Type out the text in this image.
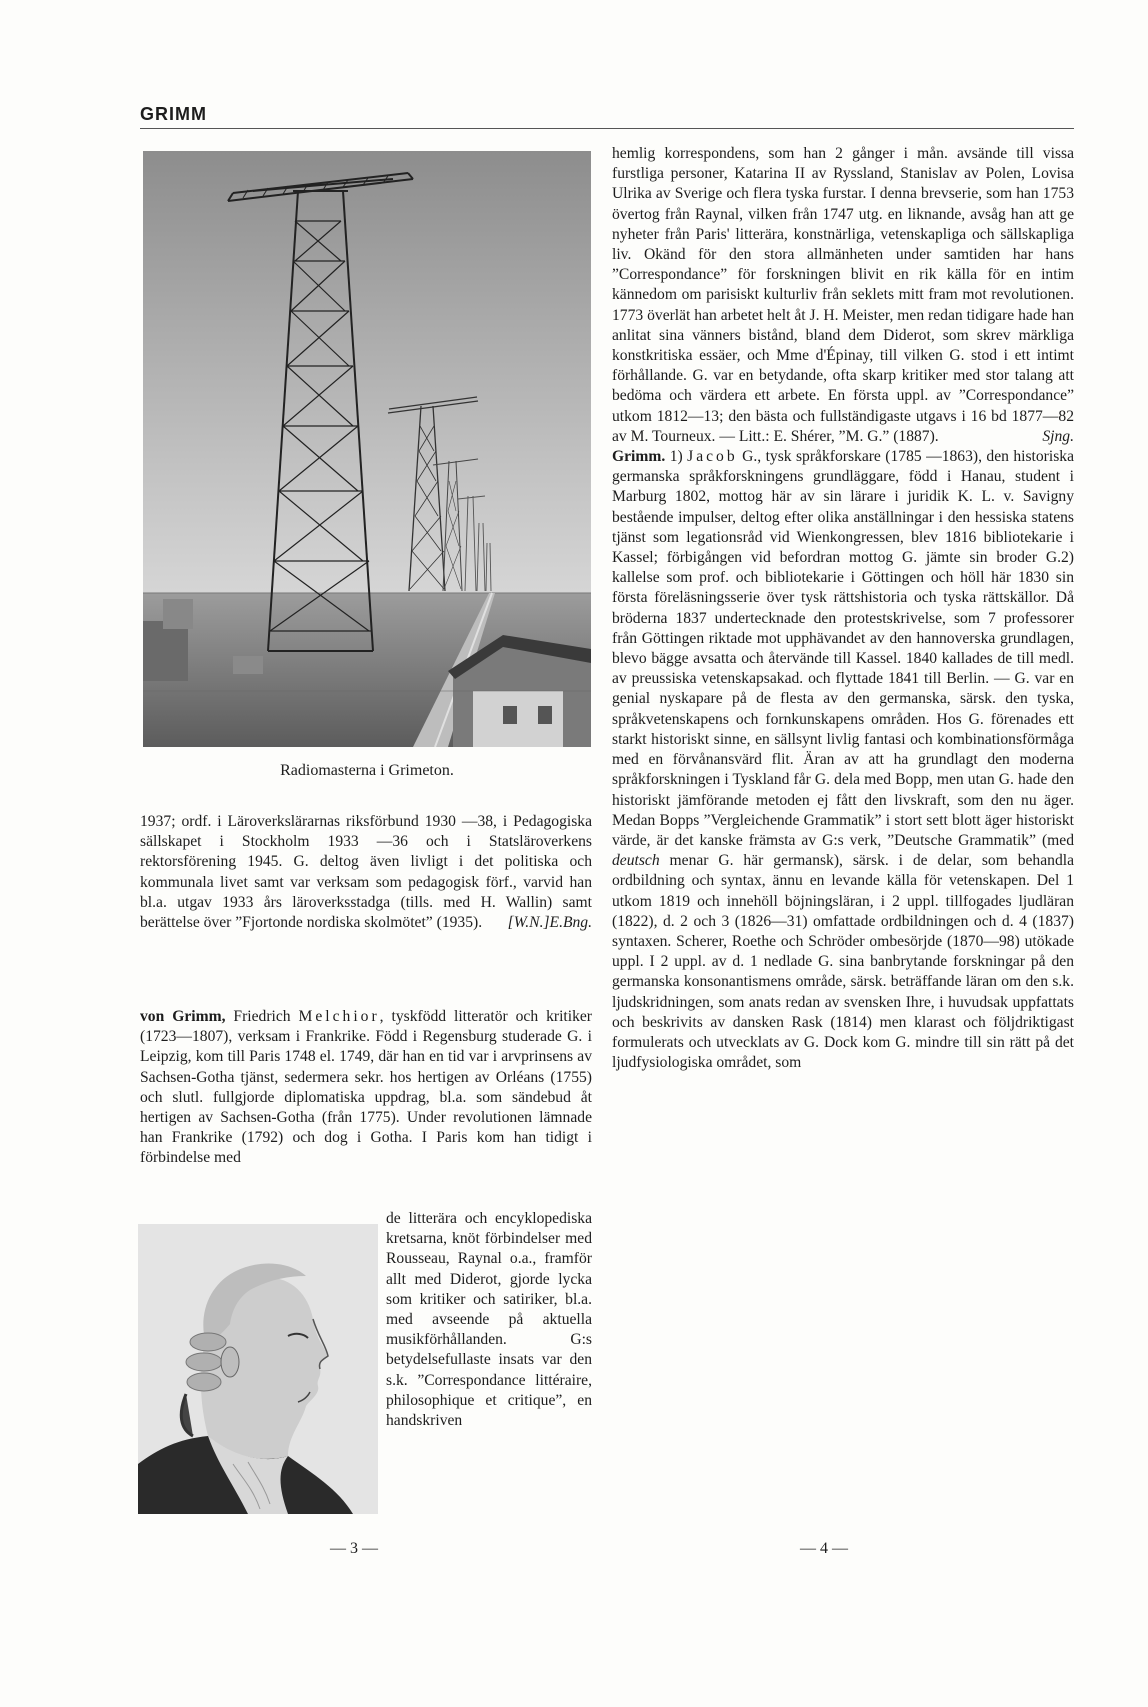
GRIMM
Radiomasterna i Grimeton.

1937; ordf. i Läroverkslärarnas riksförbund 1930 —38, i Pedagogiska sällskapet i Stockholm 1933 —36 och i Statsläroverkens rektorsförening 1945. G. deltog även livligt i det politiska och kommunala livet samt var verksam som pedagogisk förf., varvid han bl.a. utgav 1933 års läroverksstadga (tills. med H. Wallin) samt berättelse över ”Fjortonde nordiska skolmötet” (1935). [W.N.]E.Bng.

von Grimm, Friedrich Melchior, tyskfödd litteratör och kritiker (1723—1807), verksam i Frankrike. Född i Regensburg studerade G. i Leipzig, kom till Paris 1748 el. 1749, där han en tid var i arvprinsens av Sachsen-Gotha tjänst, sedermera sekr. hos hertigen av Orléans (1755) och slutl. fullgjorde diplomatiska uppdrag, bl.a. som sändebud åt hertigen av Sachsen-Gotha (från 1775). Under revolutionen lämnade han Frankrike (1792) och dog i Gotha. I Paris kom han tidigt i förbindelse med

de litterära och encyklopediska kretsarna, knöt förbindelser med Rousseau, Raynal o.a., framför allt med Diderot, gjorde lycka som kritiker och satiriker, bl.a. med avseende på aktuella musikförhållanden. G:s betydelsefullaste insats var den s.k. ”Correspondance littéraire, philosophique et critique”, en handskriven

hemlig korrespondens, som han 2 gånger i mån. avsände till vissa furstliga personer, Katarina II av Ryssland, Stanislav av Polen, Lovisa Ulrika av Sverige och flera tyska furstar. I denna brevserie, som han 1753 övertog från Raynal, vilken från 1747 utg. en liknande, avsåg han att ge nyheter från Paris' litterära, konstnärliga, vetenskapliga och sällskapliga liv. Okänd för den stora allmänheten under samtiden har hans ”Correspondance” för forskningen blivit en rik källa för en intim kännedom om parisiskt kulturliv från seklets mitt fram mot revolutionen. 1773 överlät han arbetet helt åt J. H. Meister, men redan tidigare hade han anlitat sina vänners bistånd, bland dem Diderot, som skrev märkliga konstkritiska essäer, och Mme d'Épinay, till vilken G. stod i ett intimt förhållande. G. var en betydande, ofta skarp kritiker med stor talang att bedöma och värdera ett arbete. En första uppl. av ”Correspondance” utkom 1812—13; den bästa och fullständigaste utgavs i 16 bd 1877—82 av M. Tourneux. — Litt.: E. Shérer, ”M. G.” (1887).	Sjng.

Grimm. 1) Jacob G., tysk språkforskare (1785 —1863), den historiska germanska språkforskningens grundläggare, född i Hanau, student i Marburg 1802, mottog här av sin lärare i juridik K. L. v. Savigny bestående impulser, deltog efter olika anställningar i den hessiska statens tjänst som legationsråd vid Wienkongressen, blev 1816 bibliotekarie i Kassel; förbigången vid befordran mottog G. jämte sin broder G.2) kallelse som prof. och bibliotekarie i Göttingen och höll här 1830 sin första föreläsningsserie över tysk rättshistoria och tyska rättskällor. Då bröderna 1837 undertecknade den protestskrivelse, som 7 professorer från Göttingen riktade mot upphävandet av den hannoverska grundlagen, blevo bägge avsatta och återvände till Kassel. 1840 kallades de till medl. av preussiska vetenskapsakad. och flyttade 1841 till Berlin. — G. var en genial nyskapare på de flesta av den germanska, särsk. den tyska, språkvetenskapens och fornkunskapens områden. Hos G. förenades ett starkt historiskt sinne, en sällsynt livlig fantasi och kombinationsförmåga med en förvånansvärd flit. Äran av att ha grundlagt den moderna språkforskningen i Tyskland får G. dela med Bopp, men utan G. hade den historiskt jämförande metoden ej fått den livskraft, som den nu äger. Medan Bopps ”Vergleichende Grammatik” i stort sett blott äger historiskt värde, är det kanske främsta av G:s verk, ”Deutsche Grammatik” (med deutsch menar G. här germansk), särsk. i de delar, som behandla ordbildning och syntax, ännu en levande källa för vetenskapen. Del 1 utkom 1819 och innehöll böjningsläran, i 2 uppl. tillfogades ljudläran (1822), d. 2 och 3 (1826—31) omfattade ordbildningen och d. 4 (1837) syntaxen. Scherer, Roethe och Schröder ombesörjde (1870—98) utökade uppl. I 2 uppl. av d. 1 nedlade G. sina banbrytande forskningar på den germanska konsonantismens område, särsk. beträffande läran om den s.k. ljudskridningen, som anats redan av svensken Ihre, i huvudsak uppfattats och beskrivits av dansken Rask (1814) men klarast och följdriktigast formulerats och utvecklats av G. Dock kom G. mindre till sin rätt på det ljudfysiologiska området, som

— 3 —	— 4 —
